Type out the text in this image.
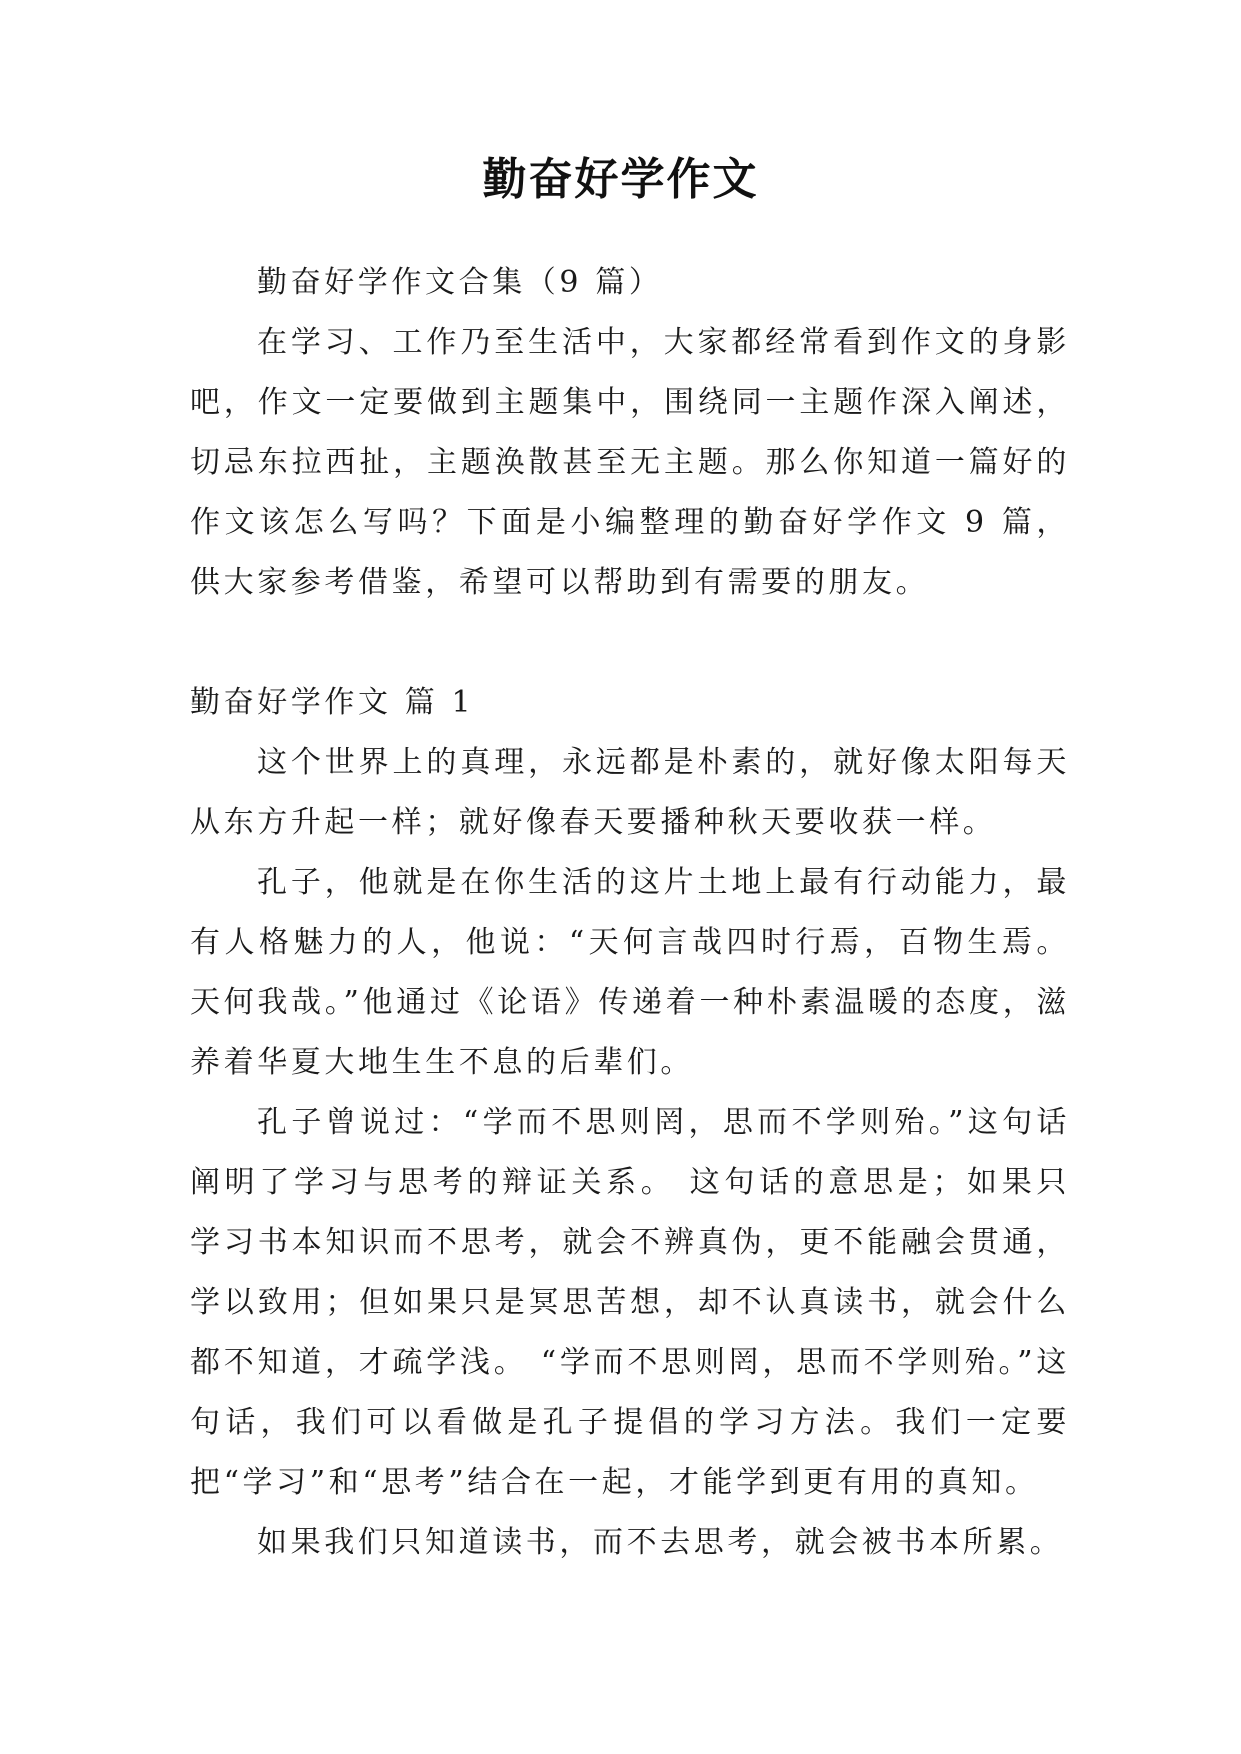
勤奋好学作文

勤奋好学作文合集（9 篇）

在学习、工作乃至生活中，大家都经常看到作文的身影吧，作文一定要做到主题集中，围绕同一主题作深入阐述，切忌东拉西扯，主题涣散甚至无主题。那么你知道一篇好的作文该怎么写吗？下面是小编整理的勤奋好学作文 9 篇，供大家参考借鉴，希望可以帮助到有需要的朋友。

勤奋好学作文 篇 1

这个世界上的真理，永远都是朴素的，就好像太阳每天从东方升起一样；就好像春天要播种秋天要收获一样。

孔子，他就是在你生活的这片土地上最有行动能力，最有人格魅力的人，他说：“天何言哉四时行焉，百物生焉。天何我哉。”他通过《论语》传递着一种朴素温暖的态度，滋养着华夏大地生生不息的后辈们。

孔子曾说过：“学而不思则罔，思而不学则殆。”这句话阐明了学习与思考的辩证关系。 这句话的意思是；如果只学习书本知识而不思考，就会不辨真伪，更不能融会贯通，学以致用；但如果只是冥思苦想，却不认真读书，就会什么都不知道，才疏学浅。 “学而不思则罔，思而不学则殆。”这句话，我们可以看做是孔子提倡的学习方法。我们一定要把“学习”和“思考”结合在一起，才能学到更有用的真知。

如果我们只知道读书，而不去思考，就会被书本所累。
